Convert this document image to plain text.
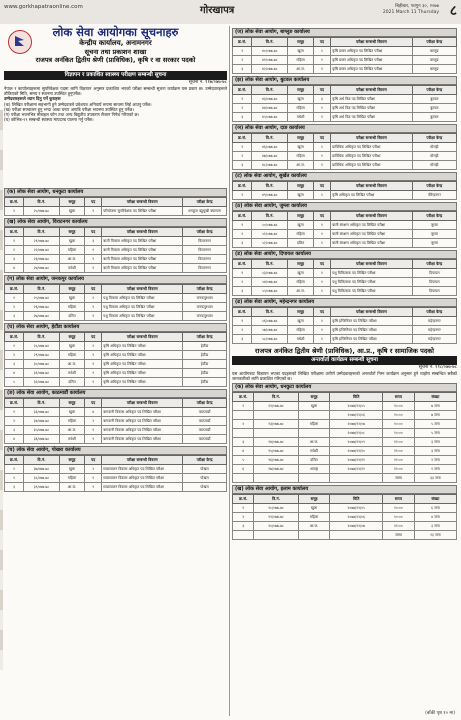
www.gorkhapatraonline.com	गोरखापत्र	बिहीबार, फागुन ३०, २०७७
2021 March 11 Thursday ८
लोक सेवा आयोगका सूचनाहरु
केन्द्रीय कार्यालय, अनामनगर
सूचना तथा प्रकाशन शाखा
राजपत्र अनंकित द्वितीय श्रेणी (प्राविधिक), कृषि र वा सरकार पदको
विज्ञापन र प्रकाशित स्वास्थ्य परीक्षण सम्बन्धी सूचना
सूचना नं. ११७/०७७-७८
नेपाल र कार्यालयहरूमा सुपरिवेक्षक पदमा लागि विज्ञापन अनुसार प्रकाशित भएको परीक्षा सम्बन्धी सूचना कार्यक्रम यस प्रकार छ। उम्मेदवारहरूले तोकिएको मिति, समय र स्थानमा उपस्थित हुनुपर्नेछ।
उम्मेदवारहरूले ध्यान दिनु पर्ने कुराहरू
(क) लिखित परीक्षामा सहभागी हुने उम्मेदवारले प्रवेशपत्र अनिवार्य रूपमा साथमा लिई आउनु पर्नेछ।
(ख) परीक्षा सञ्चालन हुनु भन्दा आधा घण्टा अगाडि परीक्षा भवनमा उपस्थित हुनु पर्नेछ।
(ग) परीक्षा भवनभित्र मोबाइल फोन तथा अन्य विद्युतीय उपकरण लैजान निषेध गरिएको छ।
(घ) कोभिड-१९ सम्बन्धी स्वास्थ्य मापदण्ड पालना गर्नु पर्नेछ।
(क) लोक सेवा आयोग, धनकुटा कार्यालय
क्र.सं.	वि.नं.	समूह	पद	परीक्षा सम्बन्धी विवरण	परीक्षा केन्द्र
१	२०/०७७-७८	खुला	१	परियोजना सुपरिवेक्षक पद लिखित परीक्षा	धनकुटा बहुमुखी क्याम्पस
(ख) लोक सेवा आयोग, विराटनगर कार्यालय
क्र.सं.	वि.नं.	समूह	पद	परीक्षा सम्बन्धी विवरण	परीक्षा केन्द्र
१	२१/०७७-७८	खुला	३	बाली विकास अधिकृत पद लिखित परीक्षा	विराटनगर
२	२२/०७७-७८	महिला	१	बाली विकास अधिकृत पद लिखित परीक्षा	विराटनगर
३	२३/०७७-७८	आ.ज.	१	बाली विकास अधिकृत पद लिखित परीक्षा	विराटनगर
४	२४/०७७-७८	मधेशी	१	बाली विकास अधिकृत पद लिखित परीक्षा	विराटनगर
(ग) लोक सेवा आयोग, जनकपुर कार्यालय
क्र.सं.	वि.नं.	समूह	पद	परीक्षा सम्बन्धी विवरण	परीक्षा केन्द्र
१	२५/०७७-७८	खुला	२	पशु विकास अधिकृत पद लिखित परीक्षा	जनकपुरधाम
२	२६/०७७-७८	महिला	१	पशु विकास अधिकृत पद लिखित परीक्षा	जनकपुरधाम
३	२७/०७७-७८	दलित	१	पशु विकास अधिकृत पद लिखित परीक्षा	जनकपुरधाम
(घ) लोक सेवा आयोग, हेटौंडा कार्यालय
क्र.सं.	वि.नं.	समूह	पद	परीक्षा सम्बन्धी विवरण	परीक्षा केन्द्र
१	२८/०७७-७८	खुला	२	कृषि अधिकृत पद लिखित परीक्षा	हेटौंडा
२	२९/०७७-७८	महिला	१	कृषि अधिकृत पद लिखित परीक्षा	हेटौंडा
३	३०/०७७-७८	आ.ज.	१	कृषि अधिकृत पद लिखित परीक्षा	हेटौंडा
४	३१/०७७-७८	मधेशी	१	कृषि अधिकृत पद लिखित परीक्षा	हेटौंडा
५	३२/०७७-७८	दलित	१	कृषि अधिकृत पद लिखित परीक्षा	हेटौंडा
(ङ) लोक सेवा आयोग, काठमाडौं कार्यालय
क्र.सं.	वि.नं.	समूह	पद	परीक्षा सम्बन्धी विवरण	परीक्षा केन्द्र
१	३३/०७७-७८	खुला	४	बागवानी विकास अधिकृत पद लिखित परीक्षा	काठमाडौं
२	३४/०७७-७८	महिला	२	बागवानी विकास अधिकृत पद लिखित परीक्षा	काठमाडौं
३	३५/०७७-७८	आ.ज.	१	बागवानी विकास अधिकृत पद लिखित परीक्षा	काठमाडौं
४	३६/०७७-७८	मधेशी	१	बागवानी विकास अधिकृत पद लिखित परीक्षा	काठमाडौं
(च) लोक सेवा आयोग, पोखरा कार्यालय
क्र.सं.	वि.नं.	समूह	पद	परीक्षा सम्बन्धी विवरण	परीक्षा केन्द्र
१	३७/०७७-७८	खुला	२	माछापालन विकास अधिकृत पद लिखित परीक्षा	पोखरा
२	३८/०७७-७८	महिला	१	माछापालन विकास अधिकृत पद लिखित परीक्षा	पोखरा
३	३९/०७७-७८	आ.ज.	१	माछापालन विकास अधिकृत पद लिखित परीक्षा	पोखरा
(ज) लोक सेवा आयोग, बाग्लुङ कार्यालय
क्र.सं.	वि.नं.	समूह	पद	परीक्षा सम्बन्धी विवरण	परीक्षा केन्द्र
१	४०/०७७-७८	खुला	२	कृषि प्रसार अधिकृत पद लिखित परीक्षा	बाग्लुङ
२	४१/०७७-७८	महिला	१	कृषि प्रसार अधिकृत पद लिखित परीक्षा	बाग्लुङ
३	४२/०७७-७८	आ.ज.	१	कृषि प्रसार अधिकृत पद लिखित परीक्षा	बाग्लुङ
(झ) लोक सेवा आयोग, बुटवल कार्यालय
क्र.सं.	वि.नं.	समूह	पद	परीक्षा सम्बन्धी विवरण	परीक्षा केन्द्र
१	४३/०७७-७८	खुला	३	कृषि अर्थ विज्ञ पद लिखित परीक्षा	बुटवल
२	४४/०७७-७८	महिला	१	कृषि अर्थ विज्ञ पद लिखित परीक्षा	बुटवल
३	४५/०७७-७८	मधेशी	१	कृषि अर्थ विज्ञ पद लिखित परीक्षा	बुटवल
(ञ) लोक सेवा आयोग, दाङ कार्यालय
क्र.सं.	वि.नं.	समूह	पद	परीक्षा सम्बन्धी विवरण	परीक्षा केन्द्र
१	४६/०७७-७८	खुला	२	प्राविधिक अधिकृत पद लिखित परीक्षा	घोराही
२	४७/०७७-७८	महिला	१	प्राविधिक अधिकृत पद लिखित परीक्षा	घोराही
३	४८/०७७-७८	आ.ज.	१	प्राविधिक अधिकृत पद लिखित परीक्षा	घोराही
(ट) लोक सेवा आयोग, सुर्खेत कार्यालय
क्र.सं.	वि.नं.	समूह	पद	परीक्षा सम्बन्धी विवरण	परीक्षा केन्द्र
१	४९/०७७-७८	खुला	२	कृषि अधिकृत पद लिखित परीक्षा	वीरेन्द्रनगर
(ठ) लोक सेवा आयोग, जुम्ला कार्यालय
क्र.सं.	वि.नं.	समूह	पद	परीक्षा सम्बन्धी विवरण	परीक्षा केन्द्र
१	५०/०७७-७८	खुला	१	बाली संरक्षण अधिकृत पद लिखित परीक्षा	जुम्ला
२	५१/०७७-७८	महिला	१	बाली संरक्षण अधिकृत पद लिखित परीक्षा	जुम्ला
३	५२/०७७-७८	दलित	१	बाली संरक्षण अधिकृत पद लिखित परीक्षा	जुम्ला
(ड) लोक सेवा आयोग, दिपायल कार्यालय
क्र.सं.	वि.नं.	समूह	पद	परीक्षा सम्बन्धी विवरण	परीक्षा केन्द्र
१	५३/०७७-७८	खुला	२	पशु चिकित्सक पद लिखित परीक्षा	दिपायल
२	५४/०७७-७८	महिला	१	पशु चिकित्सक पद लिखित परीक्षा	दिपायल
३	५५/०७७-७८	आ.ज.	१	पशु चिकित्सक पद लिखित परीक्षा	दिपायल
(ढ) लोक सेवा आयोग, महेन्द्रनगर कार्यालय
क्र.सं.	वि.नं.	समूह	पद	परीक्षा सम्बन्धी विवरण	परीक्षा केन्द्र
१	५६/०७७-७८	खुला	२	कृषि इन्जिनियर पद लिखित परीक्षा	महेन्द्रनगर
२	५७/०७७-७८	महिला	१	कृषि इन्जिनियर पद लिखित परीक्षा	महेन्द्रनगर
३	५८/०७७-७८	मधेशी	१	कृषि इन्जिनियर पद लिखित परीक्षा	महेन्द्रनगर
राजपत्र अनंकित द्वितीय श्रेणी (प्राविधिक), आ.प्र., कृषि र सामाजिक पदको
अन्तर्वार्ता कार्यक्रम सम्बन्धी सूचना
सूचना नं. ११८/०७७-७८
यस आयोगबाट विज्ञापन भएका पदहरूको लिखित परीक्षामा उत्तीर्ण उम्मेदवारहरूको अन्तर्वार्ता निम्न कार्यक्रम अनुसार हुने व्यहोरा सम्बन्धित सबैको जानकारीको लागि प्रकाशित गरिएको छ।
(क) लोक सेवा आयोग, धनकुटा कार्यालय
क्र.सं.	वि.नं.	समूह	मिति	समय	संख्या
१	१२/०७७-७८	खुला	२०७७/१२/०५	१०:००	७ जना
			२०७७/१२/०६	१०:००	७ जना
२	१३/०७७-७८	महिला	२०७७/१२/०७	१०:००	५ जना
			२०७७/१२/०८	१०:००	५ जना
३	१४/०७७-७८	आ.ज.	२०७७/१२/०९	११:००	३ जना
४	१५/०७७-७८	मधेशी	२०७७/१२/१०	११:००	३ जना
५	१६/०७७-७८	दलित	२०७७/१२/११	११:००	२ जना
६	१७/०७७-७८	अपाङ्ग	२०७७/१२/१२	११:००	१ जना
				जम्मा	३३ जना
(ख) लोक सेवा आयोग, इलाम कार्यालय
क्र.सं.	वि.नं.	समूह	मिति	समय	संख्या
१	१८/०७७-७८	खुला	२०७७/१२/०५	१०:००	६ जना
२	१९/०७७-७८	महिला	२०७७/१२/०६	१०:००	४ जना
३	२०/०७७-७८	आ.ज.	२०७७/१२/०७	११:००	३ जना
				जम्मा	१३ जना
(बाँकी पृष्ठ १० मा)
